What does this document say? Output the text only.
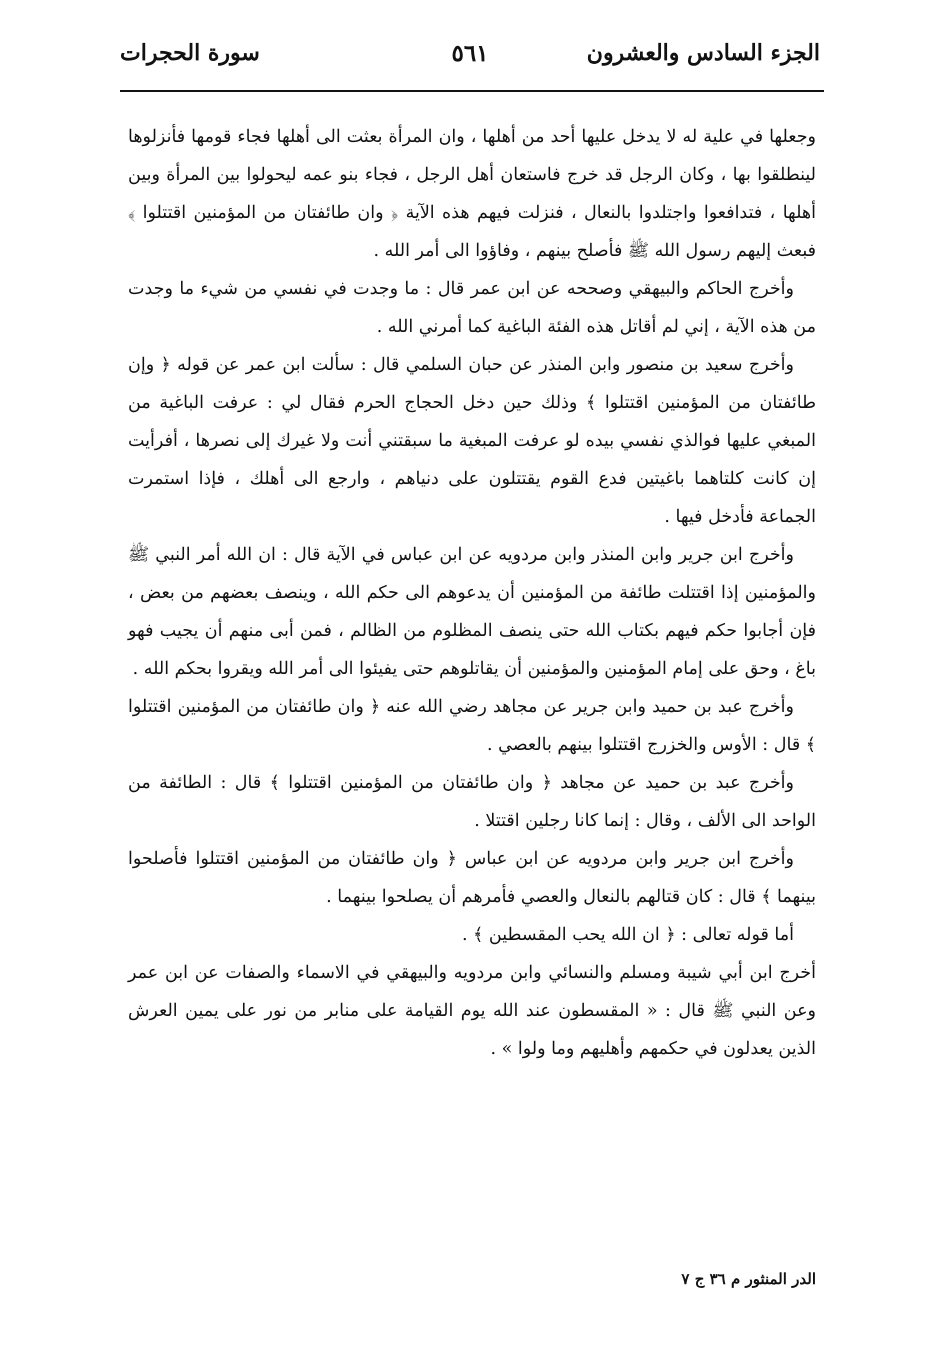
الجزء السادس والعشرون
٥٦١
سورة الحجرات

وجعلها في علية له لا يدخل عليها أحد من أهلها ، وان المرأة بعثت الى أهلها فجاء قومها فأنزلوها لينطلقوا بها ، وكان الرجل قد خرج فاستعان أهل الرجل ، فجاء بنو عمه ليحولوا بين المرأة وبين أهلها ، فتدافعوا واجتلدوا بالنعال ، فنزلت فيهم هذه الآية ﴿ وان طائفتان من المؤمنين اقتتلوا ﴾ فبعث إليهم رسول الله ﷺ فأصلح بينهم ، وفاؤوا الى أمر الله .

وأخرج الحاكم والبيهقي وصححه عن ابن عمر قال : ما وجدت في نفسي من شيء ما وجدت من هذه الآية ، إني لم أقاتل هذه الفئة الباغية كما أمرني الله .

وأخرج سعيد بن منصور وابن المنذر عن حبان السلمي قال : سألت ابن عمر عن قوله ﴿ وإن طائفتان من المؤمنين اقتتلوا ﴾ وذلك حين دخل الحجاج الحرم فقال لي : عرفت الباغية من المبغي عليها فوالذي نفسي بيده لو عرفت المبغية ما سبقتني أنت ولا غيرك إلى نصرها ، أفرأيت إن كانت كلتاهما باغيتين فدع القوم يقتتلون على دنياهم ، وارجع الى أهلك ، فإذا استمرت الجماعة فأدخل فيها .

وأخرج ابن جرير وابن المنذر وابن مردويه عن ابن عباس في الآية قال : ان الله أمر النبي ﷺ والمؤمنين إذا اقتتلت طائفة من المؤمنين أن يدعوهم الى حكم الله ، وينصف بعضهم من بعض ، فإن أجابوا حكم فيهم بكتاب الله حتى ينصف المظلوم من الظالم ، فمن أبى منهم أن يجيب فهو باغ ، وحق على إمام المؤمنين والمؤمنين أن يقاتلوهم حتى يفيئوا الى أمر الله ويقروا بحكم الله .

وأخرج عبد بن حميد وابن جرير عن مجاهد رضي الله عنه ﴿ وان طائفتان من المؤمنين اقتتلوا ﴾ قال : الأوس والخزرج اقتتلوا بينهم بالعصي .

وأخرج عبد بن حميد عن مجاهد ﴿ وان طائفتان من المؤمنين اقتتلوا ﴾ قال : الطائفة من الواحد الى الألف ، وقال : إنما كانا رجلين اقتتلا .

وأخرج ابن جرير وابن مردويه عن ابن عباس ﴿ وان طائفتان من المؤمنين اقتتلوا فأصلحوا بينهما ﴾ قال : كان قتالهم بالنعال والعصي فأمرهم أن يصلحوا بينهما .

أما قوله تعالى : ﴿ ان الله يحب المقسطين ﴾ .

أخرج ابن أبي شيبة ومسلم والنسائي وابن مردويه والبيهقي في الاسماء والصفات عن ابن عمر وعن النبي ﷺ قال : « المقسطون عند الله يوم القيامة على منابر من نور على يمين العرش الذين يعدلون في حكمهم وأهليهم وما ولوا » .

الدر المنثور م ٣٦ ج ٧
